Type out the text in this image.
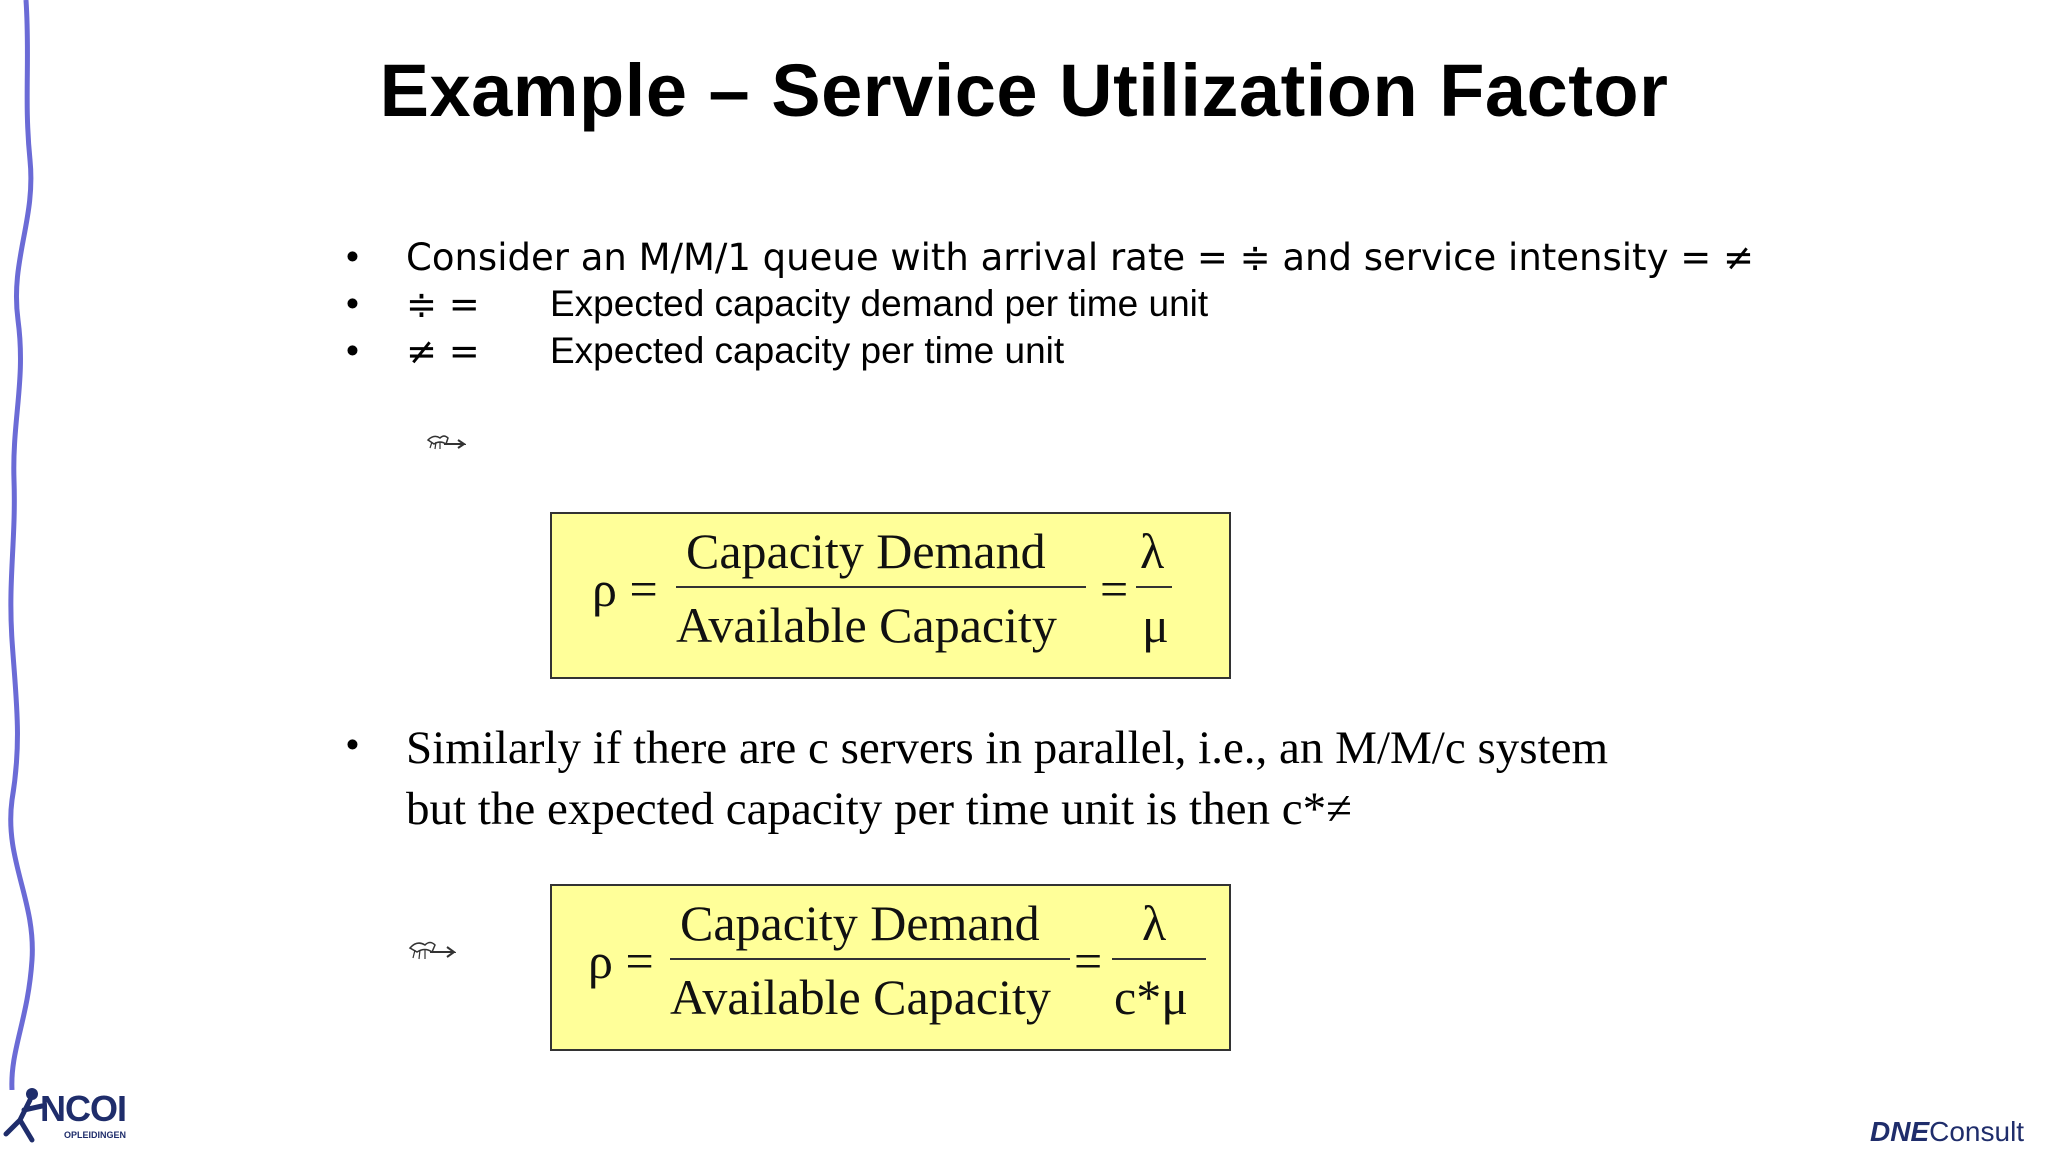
Example – Service Utilization Factor
• Consider an M/M/1 queue with arrival rate = ≑ and service intensity = ≠
• ≑ = Expected capacity demand per time unit
• ≠ = Expected capacity per time unit
ρ =
Capacity Demand
Available Capacity
=
λ
μ
• Similarly if there are c servers in parallel, i.e., an M/M/c system
but the expected capacity per time unit is then c*≠
ρ =
Capacity Demand
Available Capacity
=
λ
c*μ
NCOI
OPLEIDINGEN	DNEConsult
